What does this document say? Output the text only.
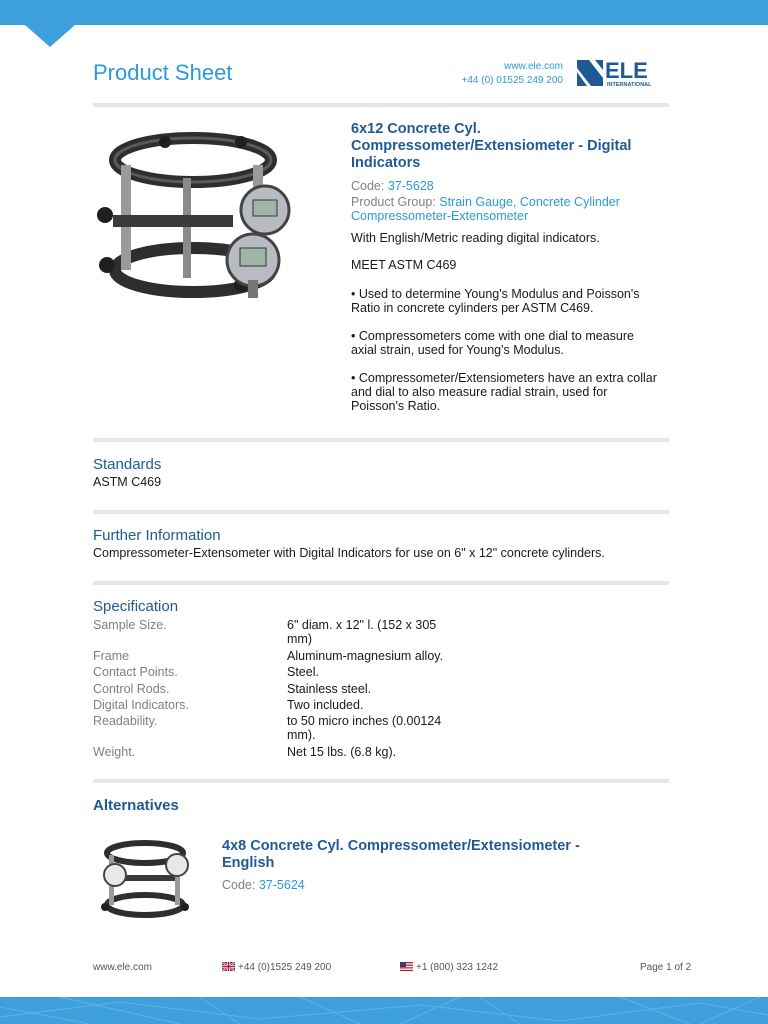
Product Sheet	www.ele.com
+44 (0) 01525 249 200 ELE
INTERNATIONAL
6x12 Concrete Cyl. Compressometer/Extensiometer - Digital Indicators
Code: 37-5628
Product Group: Strain Gauge, Concrete Cylinder Compressometer-Extensometer
With English/Metric reading digital indicators.
MEET ASTM C469
• Used to determine Young's Modulus and Poisson's Ratio in concrete cylinders per ASTM C469.
• Compressometers come with one dial to measure axial strain, used for Young's Modulus.
• Compressometer/Extensiometers have an extra collar and dial to also measure radial strain, used for Poisson's Ratio.
Standards
ASTM C469
Further Information
Compressometer-Extensometer with Digital Indicators for use on 6" x 12" concrete cylinders.
Specification
Sample Size.	6" diam. x 12" l. (152 x 305 mm)
Frame	Aluminum-magnesium alloy.
Contact Points.	Steel.
Control Rods.	Stainless steel.
Digital Indicators.	Two included.
Readability.	to 50 micro inches (0.00124 mm).
Weight.	Net 15 lbs. (6.8 kg).
Alternatives
4x8 Concrete Cyl. Compressometer/Extensiometer - English
Code: 37-5624
www.ele.com	+44 (0)1525 249 200	+1 (800) 323 1242	Page 1 of 2
